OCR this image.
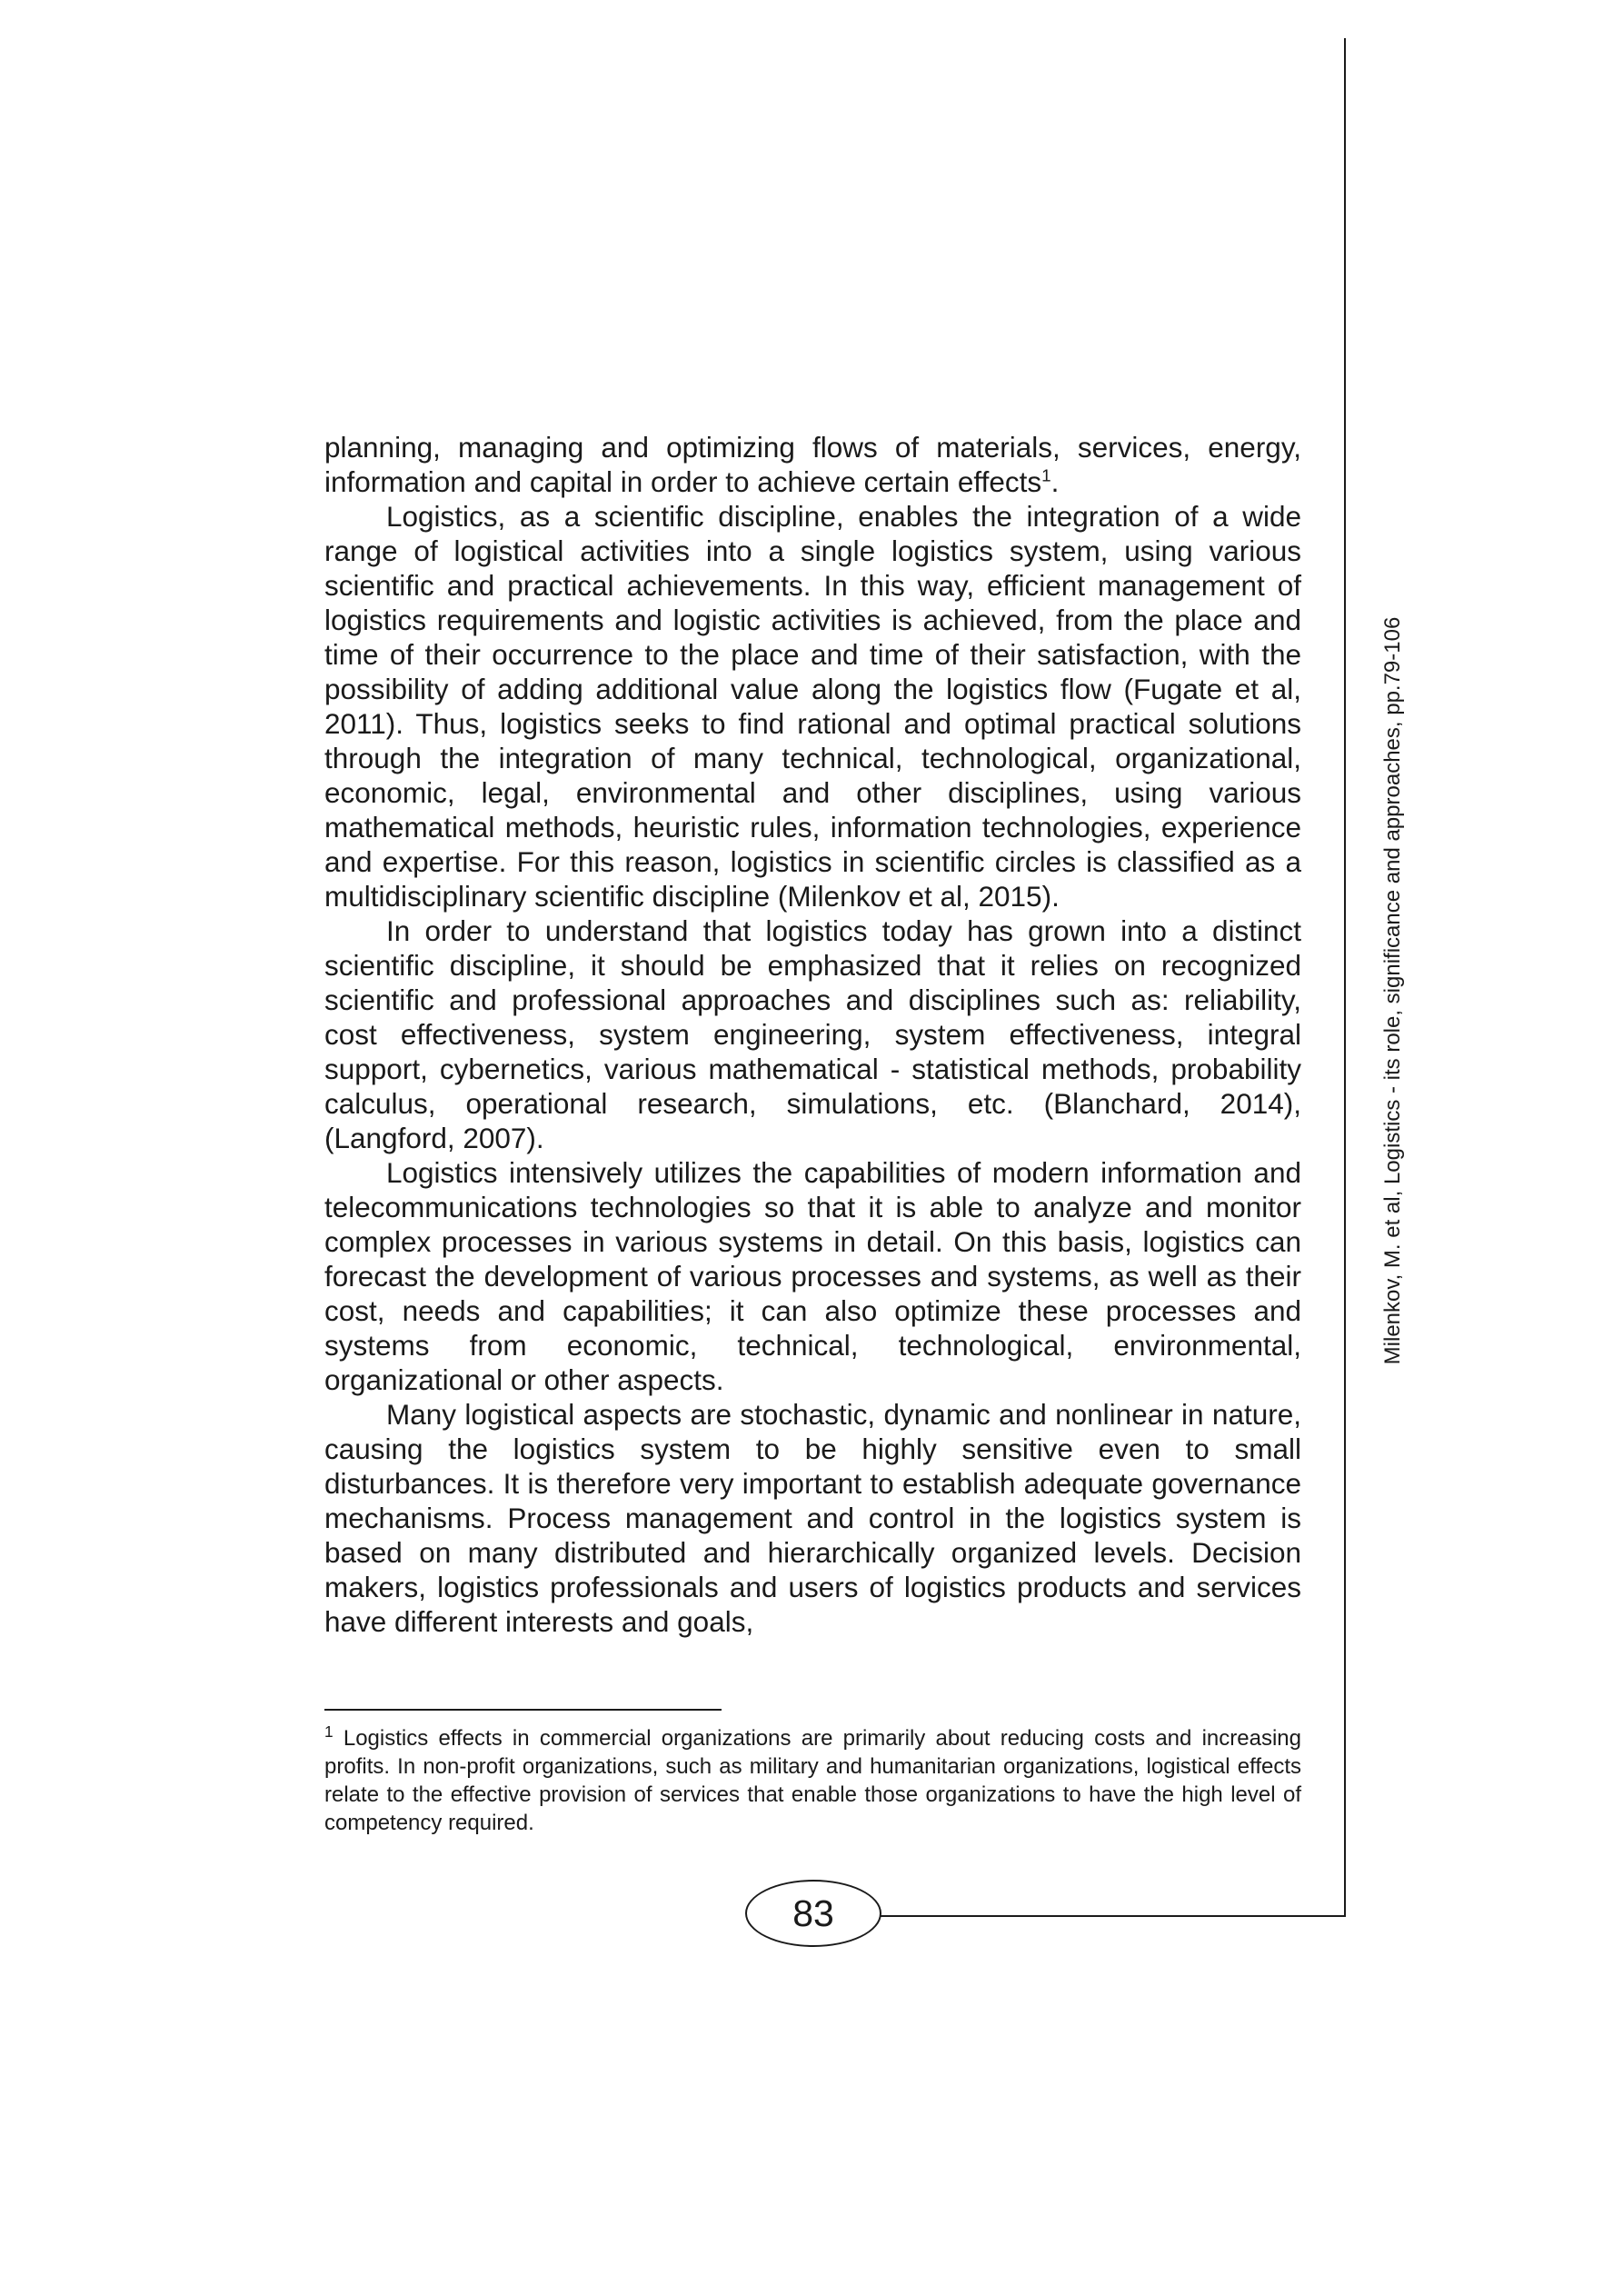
planning, managing and optimizing flows of materials, services, energy, information and capital in order to achieve certain effects$^1$.

Logistics, as a scientific discipline, enables the integration of a wide range of logistical activities into a single logistics system, using various scientific and practical achievements. In this way, efficient management of logistics requirements and logistic activities is achieved, from the place and time of their occurrence to the place and time of their satisfaction, with the possibility of adding additional value along the logistics flow (Fugate et al, 2011). Thus, logistics seeks to find rational and optimal practical solutions through the integration of many technical, technological, organizational, economic, legal, environmental and other disciplines, using various mathematical methods, heuristic rules, information technologies, experience and expertise. For this reason, logistics in scientific circles is classified as a multidisciplinary scientific discipline (Milenkov et al, 2015).

In order to understand that logistics today has grown into a distinct scientific discipline, it should be emphasized that it relies on recognized scientific and professional approaches and disciplines such as: reliability, cost effectiveness, system engineering, system effectiveness, integral support, cybernetics, various mathematical - statistical methods, probability calculus, operational research, simulations, etc. (Blanchard, 2014), (Langford, 2007).

Logistics intensively utilizes the capabilities of modern information and telecommunications technologies so that it is able to analyze and monitor complex processes in various systems in detail. On this basis, logistics can forecast the development of various processes and systems, as well as their cost, needs and capabilities; it can also optimize these processes and systems from economic, technical, technological, environmental, organizational or other aspects.

Many logistical aspects are stochastic, dynamic and nonlinear in nature, causing the logistics system to be highly sensitive even to small disturbances. It is therefore very important to establish adequate governance mechanisms. Process management and control in the logistics system is based on many distributed and hierarchically organized levels. Decision makers, logistics professionals and users of logistics products and services have different interests and goals,

$^1$ Logistics effects in commercial organizations are primarily about reducing costs and increasing profits. In non-profit organizations, such as military and humanitarian organizations, logistical effects relate to the effective provision of services that enable those organizations to have the high level of competency required.

Milenkov, M. et al, Logistics - its role, significance and approaches, pp.79-106
83
